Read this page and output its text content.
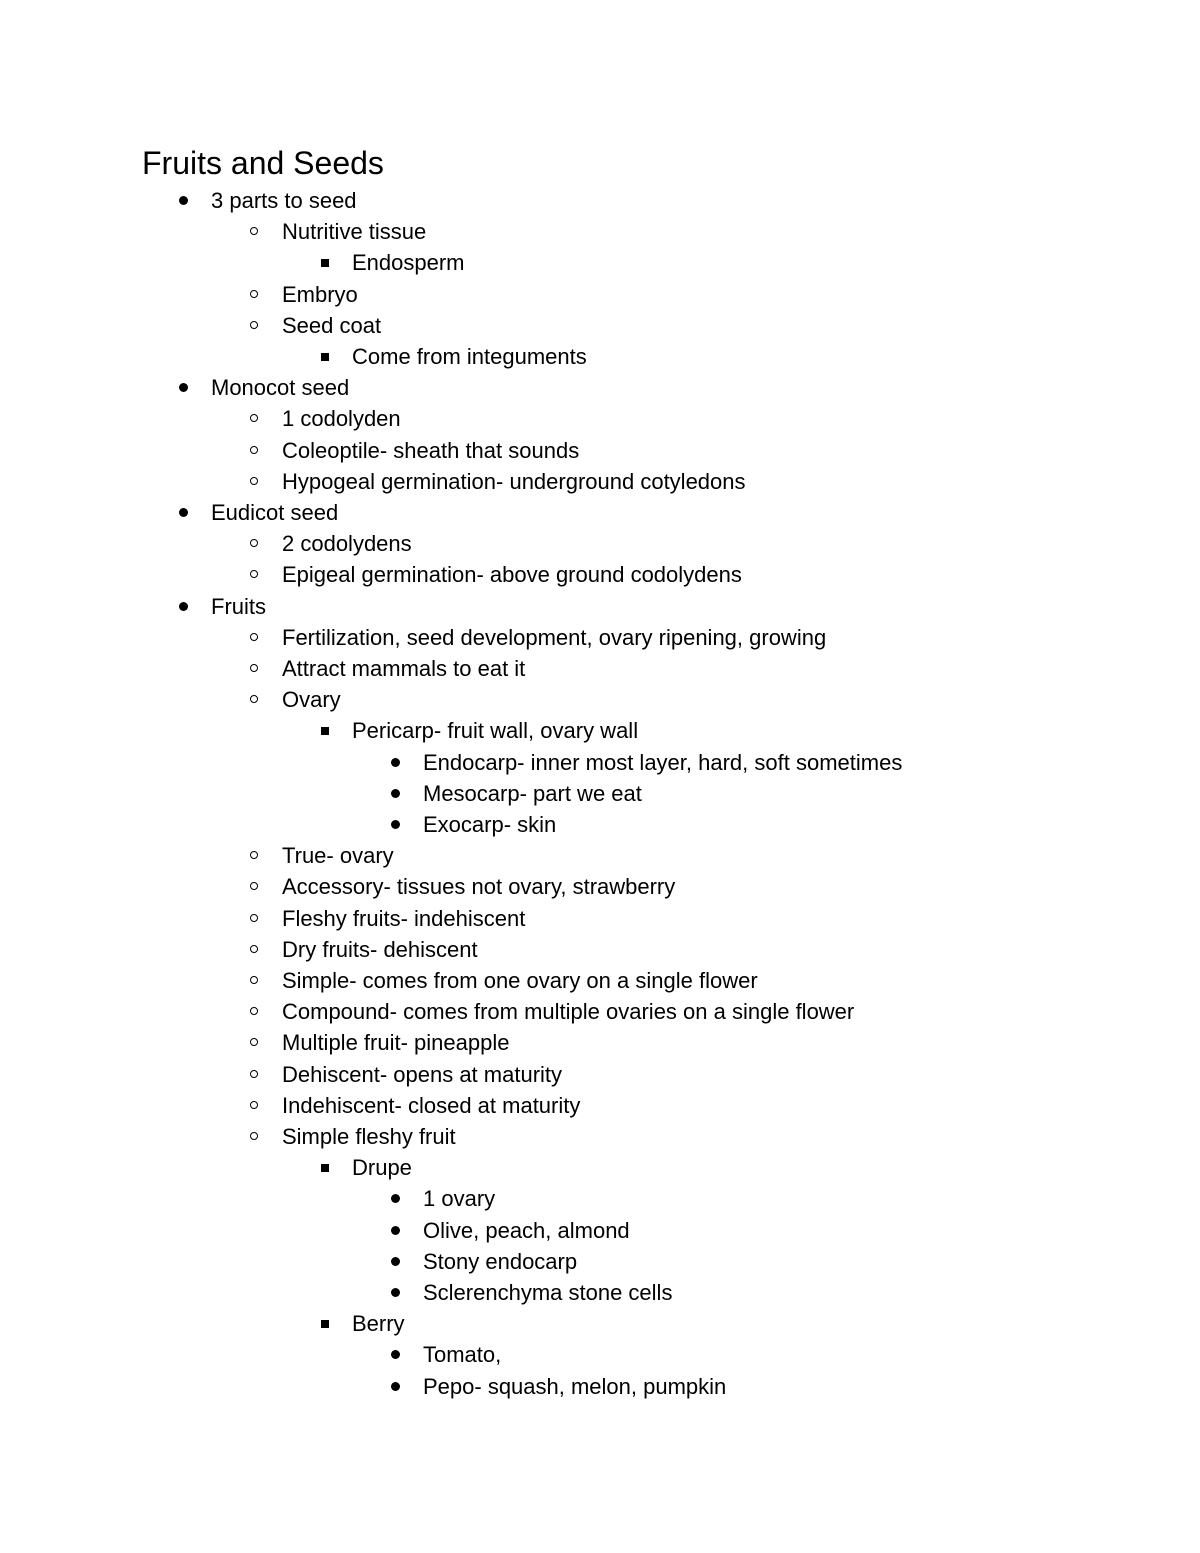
Fruits and Seeds
3 parts to seed
Nutritive tissue
Endosperm
Embryo
Seed coat
Come from integuments
Monocot seed
1 codolyden
Coleoptile- sheath that sounds
Hypogeal germination- underground cotyledons
Eudicot seed
2 codolydens
Epigeal germination- above ground codolydens
Fruits
Fertilization, seed development, ovary ripening, growing
Attract mammals to eat it
Ovary
Pericarp- fruit wall, ovary wall
Endocarp- inner most layer, hard, soft sometimes
Mesocarp- part we eat
Exocarp- skin
True- ovary
Accessory- tissues not ovary, strawberry
Fleshy fruits- indehiscent
Dry fruits- dehiscent
Simple- comes from one ovary on a single flower
Compound- comes from multiple ovaries on a single flower
Multiple fruit- pineapple
Dehiscent- opens at maturity
Indehiscent- closed at maturity
Simple fleshy fruit
Drupe
1 ovary
Olive, peach, almond
Stony endocarp
Sclerenchyma stone cells
Berry
Tomato,
Pepo- squash, melon, pumpkin
